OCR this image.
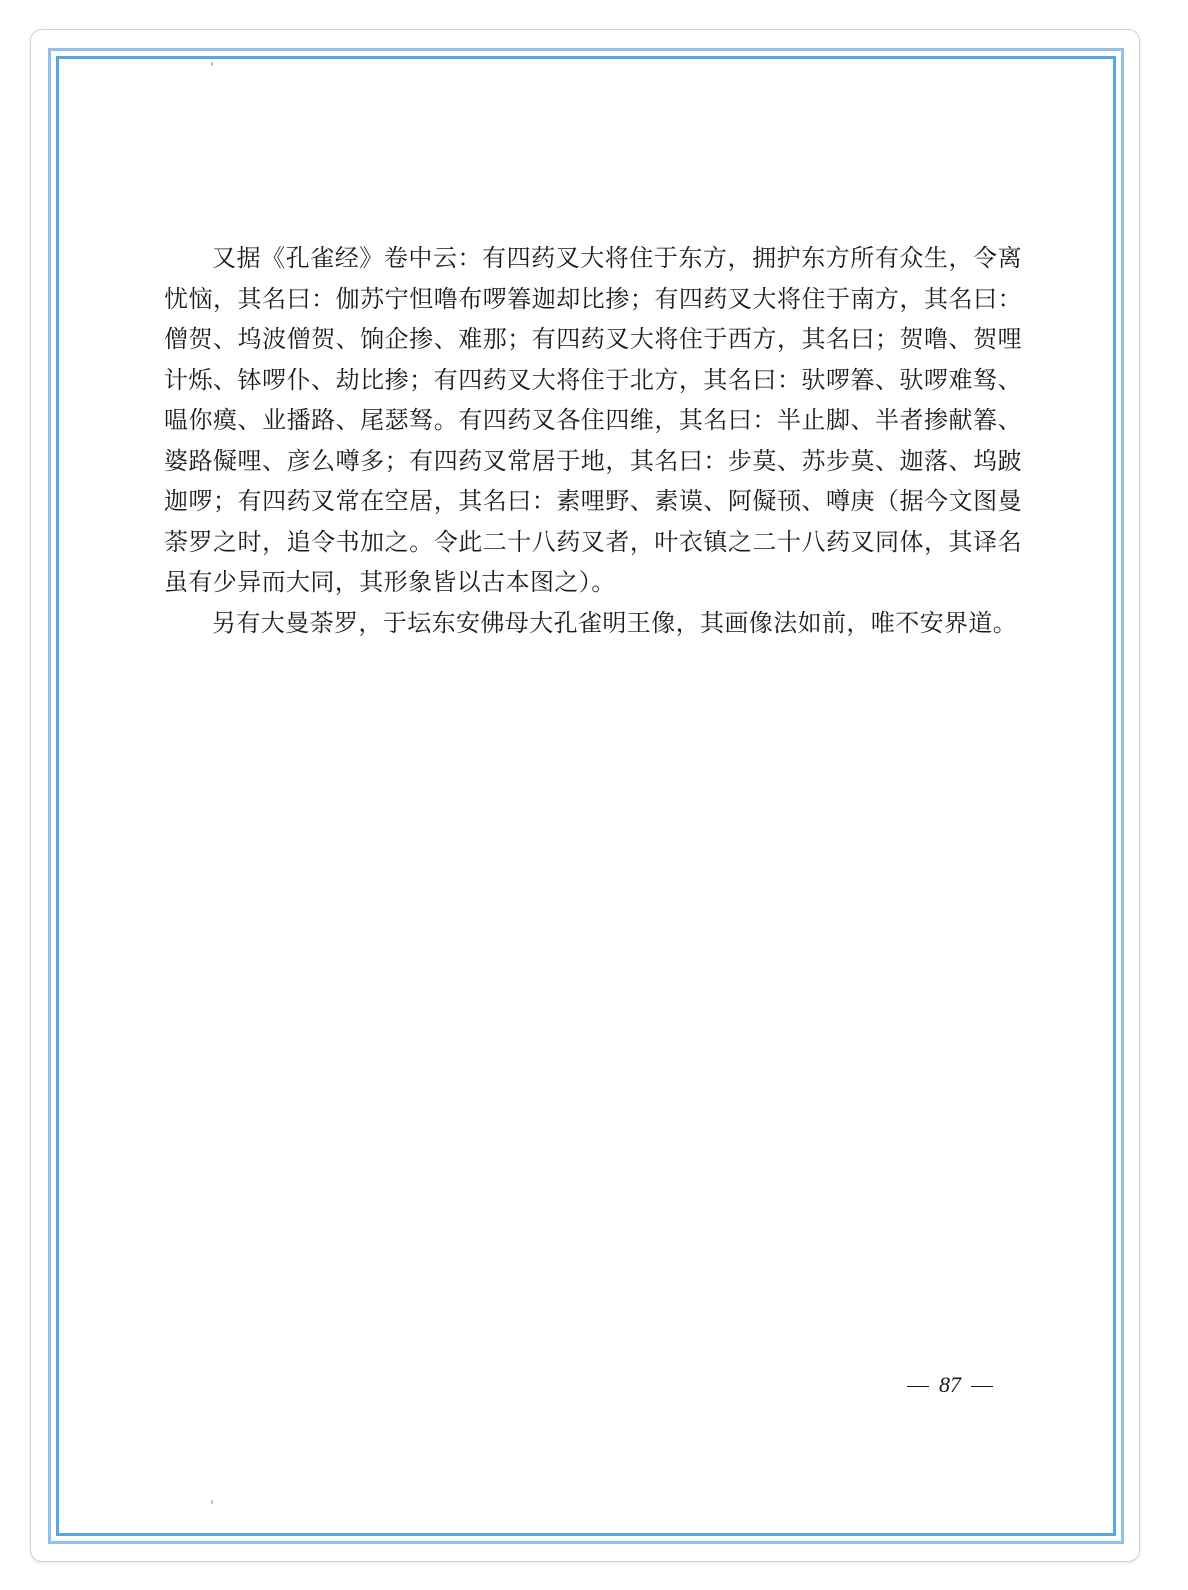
又据《孔雀经》卷中云：有四药叉大将住于东方，拥护东方所有众生，令离忧恼，其名曰：伽苏宁怛噜布啰箺迦却比掺；有四药叉大将住于南方，其名曰：僧贺、坞波僧贺、饷企掺、难那；有四药叉大将住于西方，其名曰；贺噜、贺哩计烁、钵啰仆、劫比掺；有四药叉大将住于北方，其名曰：驮啰箺、驮啰难驽、嗢你瘼、业播路、尾瑟驽。有四药叉各住四维，其名曰：半止脚、半者掺献箺、婆路儗哩、彦么噂多；有四药叉常居于地，其名曰：步莫、苏步莫、迦落、坞跛迦啰；有四药叉常在空居，其名曰：素哩野、素谟、阿儗顸、噂庚（据今文图曼荼罗之时，追令书加之。令此二十八药叉者，叶衣镇之二十八药叉同体，其译名虽有少异而大同，其形象皆以古本图之）。

另有大曼荼罗，于坛东安佛母大孔雀明王像，其画像法如前，唯不安界道。

87
